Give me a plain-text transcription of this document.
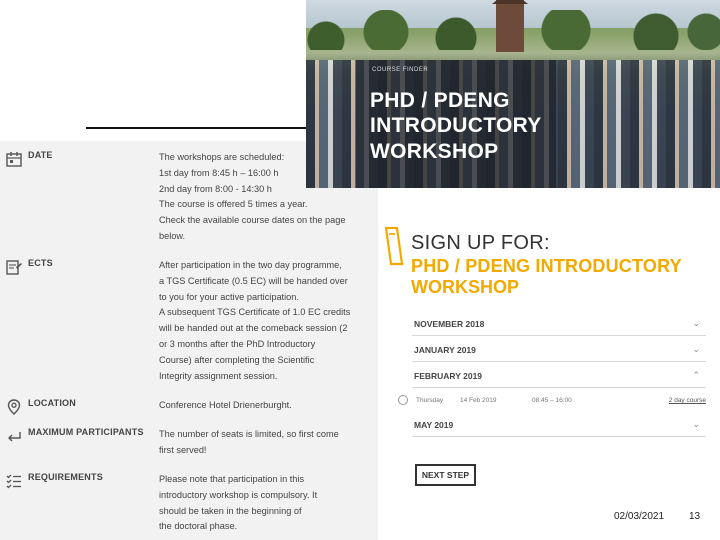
DATE	The workshops are scheduled:
1st day from 8:45 h – 16:00 h
2nd day from 8:00 - 14:30 h
The course is offered 5 times a year.
Check the available course dates on the page
below.
ECTS	After participation in the two day programme,
a TGS Certificate (0.5 EC) will be handed over
to you for your active participation.
A subsequent TGS Certificate of 1.0 EC credits
will be handed out at the comeback session (2
or 3 months after the PhD Introductory
Course) after completing the Scientific
Integrity assignment session.
LOCATION	Conference Hotel Drienerburght.
MAXIMUM PARTICIPANTS The number of seats is limited, so first come
first served!
REQUIREMENTS	Please note that participation in this
introductory workshop is compulsory. It
should be taken in the beginning of
the doctoral phase.
COURSE FINDER
PHD / PDENG
INTRODUCTORY
WORKSHOP
SIGN UP FOR:
PHD / PDENG INTRODUCTORY
WORKSHOP
NOVEMBER 2018	⌄
JANUARY 2019	⌄
FEBRUARY 2019	⌃
Thursday	14 Feb 2019	08:45 – 16:00	2 day course
MAY 2019	⌄
NEXT STEP
02/03/2021 13
